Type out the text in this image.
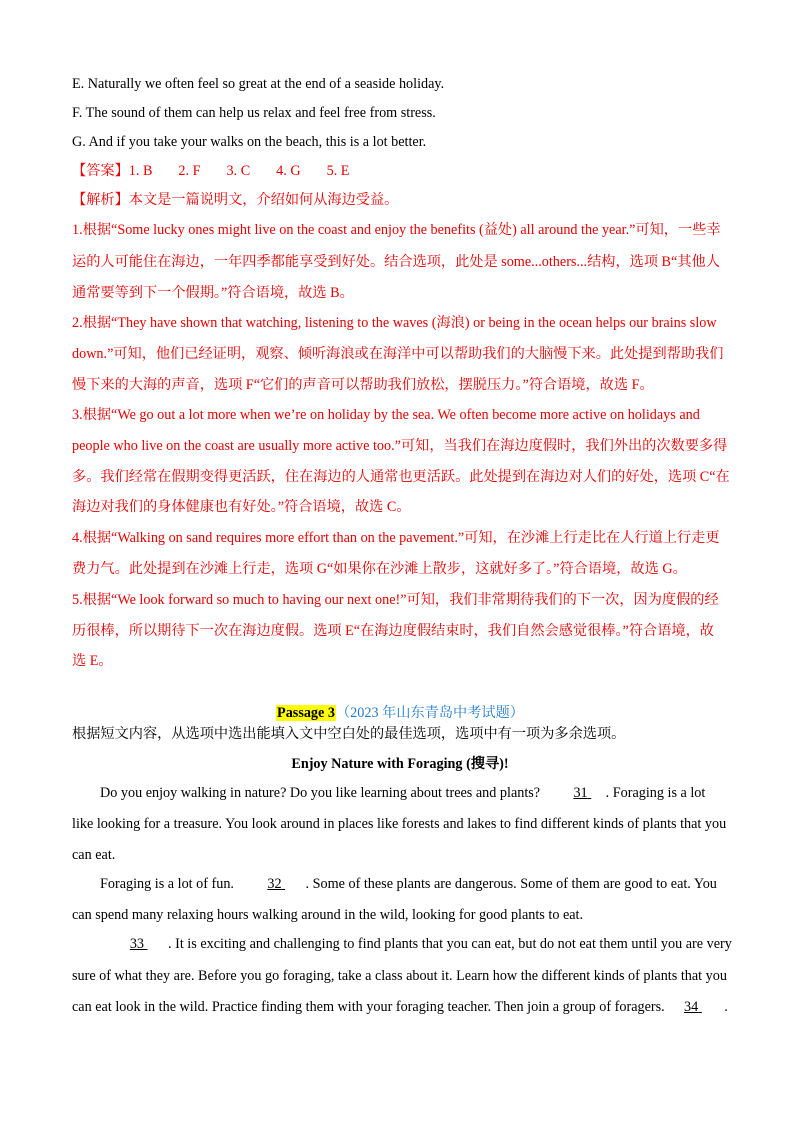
E. Naturally we often feel so great at the end of a seaside holiday.
F. The sound of them can help us relax and feel free from stress.
G. And if you take your walks on the beach, this is a lot better.
【答案】1. B 2. F 3. C 4. G 5. E
【解析】本文是一篇说明文，介绍如何从海边受益。
1.根据“Some lucky ones might live on the coast and enjoy the benefits (益处) all around the year.”可知，一些幸
运的人可能住在海边，一年四季都能享受到好处。结合选项，此处是 some...others...结构，选项 B“其他人
通常要等到下一个假期。”符合语境，故选 B。
2.根据“They have shown that watching, listening to the waves (海浪) or being in the ocean helps our brains slow
down.”可知，他们已经证明，观察、倾听海浪或在海洋中可以帮助我们的大脑慢下来。此处提到帮助我们
慢下来的大海的声音，选项 F“它们的声音可以帮助我们放松，摆脱压力。”符合语境，故选 F。
3.根据“We go out a lot more when we’re on holiday by the sea. We often become more active on holidays and
people who live on the coast are usually more active too.”可知，当我们在海边度假时，我们外出的次数要多得
多。我们经常在假期变得更活跃，住在海边的人通常也更活跃。此处提到在海边对人们的好处，选项 C“在
海边对我们的身体健康也有好处。”符合语境，故选 C。
4.根据“Walking on sand requires more effort than on the pavement.”可知，在沙滩上行走比在人行道上行走更
费力气。此处提到在沙滩上行走，选项 G“如果你在沙滩上散步，这就好多了。”符合语境，故选 G。
5.根据“We look forward so much to having our next one!”可知，我们非常期待我们的下一次，因为度假的经
历很棒，所以期待下一次在海边度假。选项 E“在海边度假结束时，我们自然会感觉很棒。”符合语境，故
选 E。
Passage 3（2023 年山东青岛中考试题）
根据短文内容，从选项中选出能填入文中空白处的最佳选项，选项中有一项为多余选项。
Enjoy Nature with Foraging (搜寻)!
Do you enjoy walking in nature? Do you like learning about trees and plants? 31 . Foraging is a lot
like looking for a treasure. You look around in places like forests and lakes to find different kinds of plants that you
can eat.
Foraging is a lot of fun. 32 . Some of these plants are dangerous. Some of them are good to eat. You
can spend many relaxing hours walking around in the wild, looking for good plants to eat.
33 . It is exciting and challenging to find plants that you can eat, but do not eat them until you are very
sure of what they are. Before you go foraging, take a class about it. Learn how the different kinds of plants that you
can eat look in the wild. Practice finding them with your foraging teacher. Then join a group of foragers. 34 .
